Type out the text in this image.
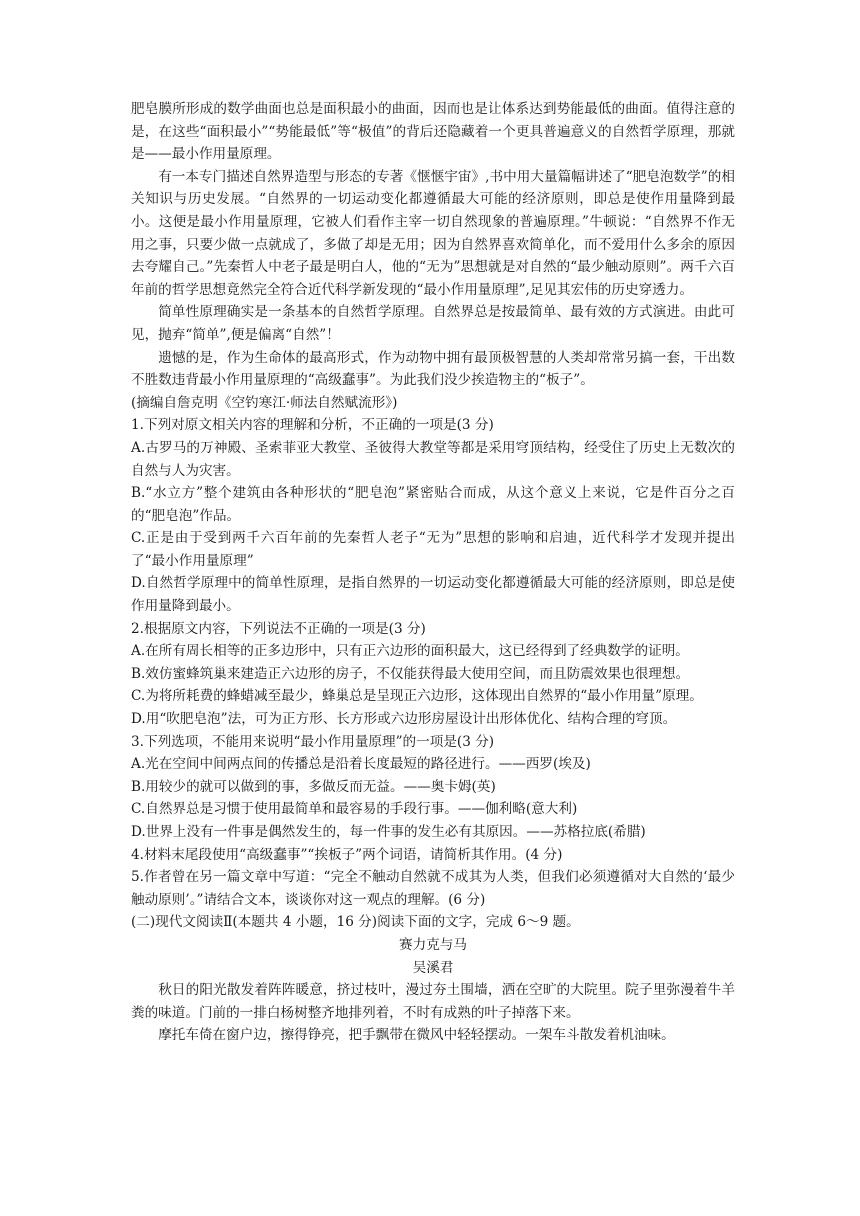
肥皂膜所形成的数学曲面也总是面积最小的曲面，因而也是让体系达到势能最低的曲面。值得注意的是，在这些“面积最小”“势能最低”等“极值”的背后还隐藏着一个更具普遍意义的自然哲学原理，那就是——最小作用量原理。

有一本专门描述自然界造型与形态的专著《惬惬宇宙》,书中用大量篇幅讲述了“肥皂泡数学”的相关知识与历史发展。“自然界的一切运动变化都遵循最大可能的经济原则，即总是使作用量降到最小。这便是最小作用量原理，它被人们看作主宰一切自然现象的普遍原理。”牛顿说：“自然界不作无用之事，只要少做一点就成了，多做了却是无用；因为自然界喜欢简单化，而不爱用什么多余的原因去夸耀自己。”先秦哲人中老子最是明白人，他的“无为”思想就是对自然的“最少触动原则”。两千六百年前的哲学思想竟然完全符合近代科学新发现的“最小作用量原理”,足见其宏伟的历史穿透力。

简单性原理确实是一条基本的自然哲学原理。自然界总是按最简单、最有效的方式演进。由此可见，抛弃“简单”,便是偏离“自然”！

遗憾的是，作为生命体的最高形式，作为动物中拥有最顶极智慧的人类却常常另搞一套，干出数不胜数违背最小作用量原理的“高级蠢事”。为此我们没少挨造物主的“板子”。

(摘编自詹克明《空钓寒江·师法自然赋流形》)

1.下列对原文相关内容的理解和分析，不正确的一项是(3 分)

A.古罗马的万神殿、圣索菲亚大教堂、圣彼得大教堂等都是采用穹顶结构，经受住了历史上无数次的自然与人为灾害。

B.“水立方”整个建筑由各种形状的“肥皂泡”紧密贴合而成，从这个意义上来说，它是件百分之百的“肥皂泡”作品。

C.正是由于受到两千六百年前的先秦哲人老子“无为”思想的影响和启迪，近代科学才发现并提出了“最小作用量原理”

D.自然哲学原理中的简单性原理，是指自然界的一切运动变化都遵循最大可能的经济原则，即总是使作用量降到最小。

2.根据原文内容，下列说法不正确的一项是(3 分)

A.在所有周长相等的正多边形中，只有正六边形的面积最大，这已经得到了经典数学的证明。

B.效仿蜜蜂筑巢来建造正六边形的房子，不仅能获得最大使用空间，而且防震效果也很理想。

C.为将所耗费的蜂蜡减至最少，蜂巢总是呈现正六边形，这体现出自然界的“最小作用量”原理。

D.用“吹肥皂泡”法，可为正方形、长方形或六边形房屋设计出形体优化、结构合理的穹顶。

3.下列选项，不能用来说明“最小作用量原理”的一项是(3 分)

A.光在空间中间两点间的传播总是沿着长度最短的路径进行。——西罗(埃及)

B.用较少的就可以做到的事，多做反而无益。——奥卡姆(英)

C.自然界总是习惯于使用最简单和最容易的手段行事。——伽利略(意大利)

D.世界上没有一件事是偶然发生的，每一件事的发生必有其原因。——苏格拉底(希腊)

4.材料末尾段使用“高级蠢事”“挨板子”两个词语，请简析其作用。(4 分)

5.作者曾在另一篇文章中写道：“完全不触动自然就不成其为人类，但我们必须遵循对大自然的‘最少触动原则’。”请结合文本，谈谈你对这一观点的理解。(6 分)

(二)现代文阅读Ⅱ(本题共 4 小题，16 分)阅读下面的文字，完成 6～9 题。

赛力克与马

吴溪君

秋日的阳光散发着阵阵暖意，挤过枝叶，漫过夯土围墙，洒在空旷的大院里。院子里弥漫着牛羊粪的味道。门前的一排白杨树整齐地排列着，不时有成熟的叶子掉落下来。

摩托车倚在窗户边，擦得铮亮，把手飘带在微风中轻轻摆动。一架车斗散发着机油味。
